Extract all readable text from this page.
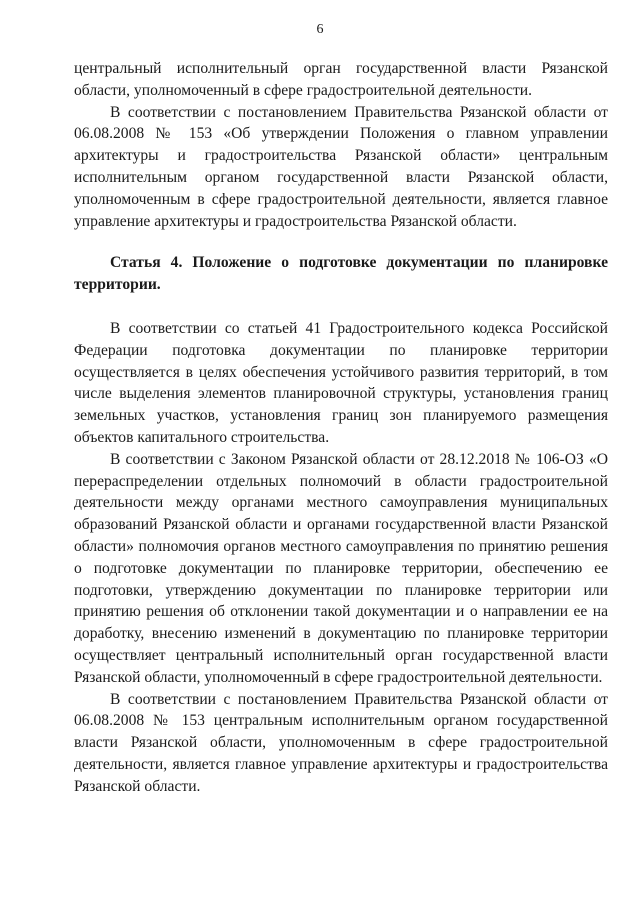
6

центральный исполнительный орган государственной власти Рязанской области, уполномоченный в сфере градостроительной деятельности.

В соответствии с постановлением Правительства Рязанской области от 06.08.2008 № 153 «Об утверждении Положения о главном управлении архитектуры и градостроительства Рязанской области» центральным исполнительным органом государственной власти Рязанской области, уполномоченным в сфере градостроительной деятельности, является главное управление архитектуры и градостроительства Рязанской области.

Статья 4. Положение о подготовке документации по планировке территории.

В соответствии со статьей 41 Градостроительного кодекса Российской Федерации подготовка документации по планировке территории осуществляется в целях обеспечения устойчивого развития территорий, в том числе выделения элементов планировочной структуры, установления границ земельных участков, установления границ зон планируемого размещения объектов капитального строительства.

В соответствии с Законом Рязанской области от 28.12.2018 № 106-ОЗ «О перераспределении отдельных полномочий в области градостроительной деятельности между органами местного самоуправления муниципальных образований Рязанской области и органами государственной власти Рязанской области» полномочия органов местного самоуправления по принятию решения о подготовке документации по планировке территории, обеспечению ее подготовки, утверждению документации по планировке территории или принятию решения об отклонении такой документации и о направлении ее на доработку, внесению изменений в документацию по планировке территории осуществляет центральный исполнительный орган государственной власти Рязанской области, уполномоченный в сфере градостроительной деятельности.

В соответствии с постановлением Правительства Рязанской области от 06.08.2008 № 153 центральным исполнительным органом государственной власти Рязанской области, уполномоченным в сфере градостроительной деятельности, является главное управление архитектуры и градостроительства Рязанской области.
